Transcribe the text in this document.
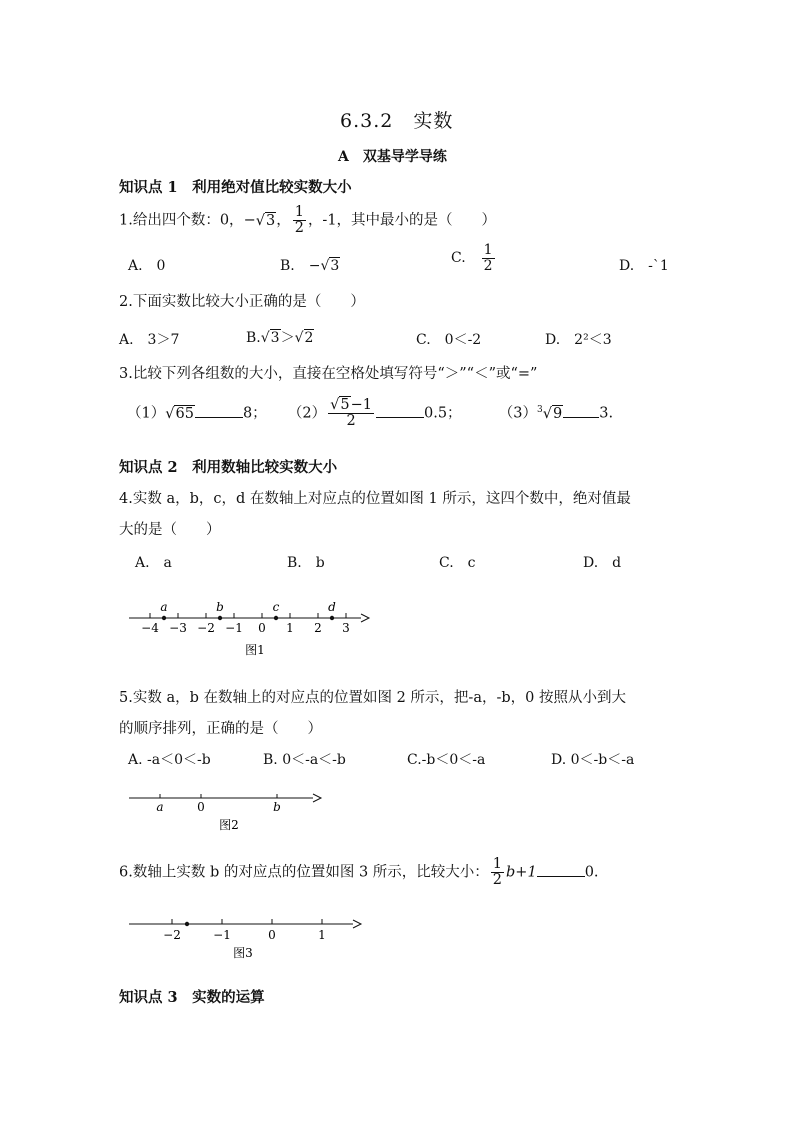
6.3.2　实数
A　双基导学导练
知识点 1　利用绝对值比较实数大小
1.给出四个数：0，−√3， $\frac{1}{2}$ ，-1，其中最小的是（　　）
A.　0	B.　−√3	C.　 $\frac{1}{2}$	D.　-`1
2.下面实数比较大小正确的是（　　）
A.　3＞7	B.√3＞√2	C.　0＜-2	D.　2²＜3
3.比较下列各组数的大小，直接在空格处填写符号“＞”“＜”或“=”
（1）√65	8； $(2) \frac{√5-1}{2}$	0.5；	$(3)^3√9$	3.
知识点 2　利用数轴比较实数大小
4.实数 a，b，c，d 在数轴上对应点的位置如图 1 所示，这四个数中，绝对值最
大的是（　　）
A.　a	B.　b	C.　c	D.　d
−4 −3 −2 −1 0 1 2 3
a	b	c	d
图1
5.实数 a，b 在数轴上的对应点的位置如图 2 所示，把-a，-b，0 按照从小到大
的顺序排列，正确的是（　　）
A. -a＜0＜-b	B. 0＜-a＜-b	C.-b＜0＜-a	D. 0＜-b＜-a
a	0	b
图2
6.数轴上实数 b 的对应点的位置如图 3 所示，比较大小： $\frac{1}{2} b+1$	0.
−2	−1	0	1
图3
知识点 3　实数的运算
